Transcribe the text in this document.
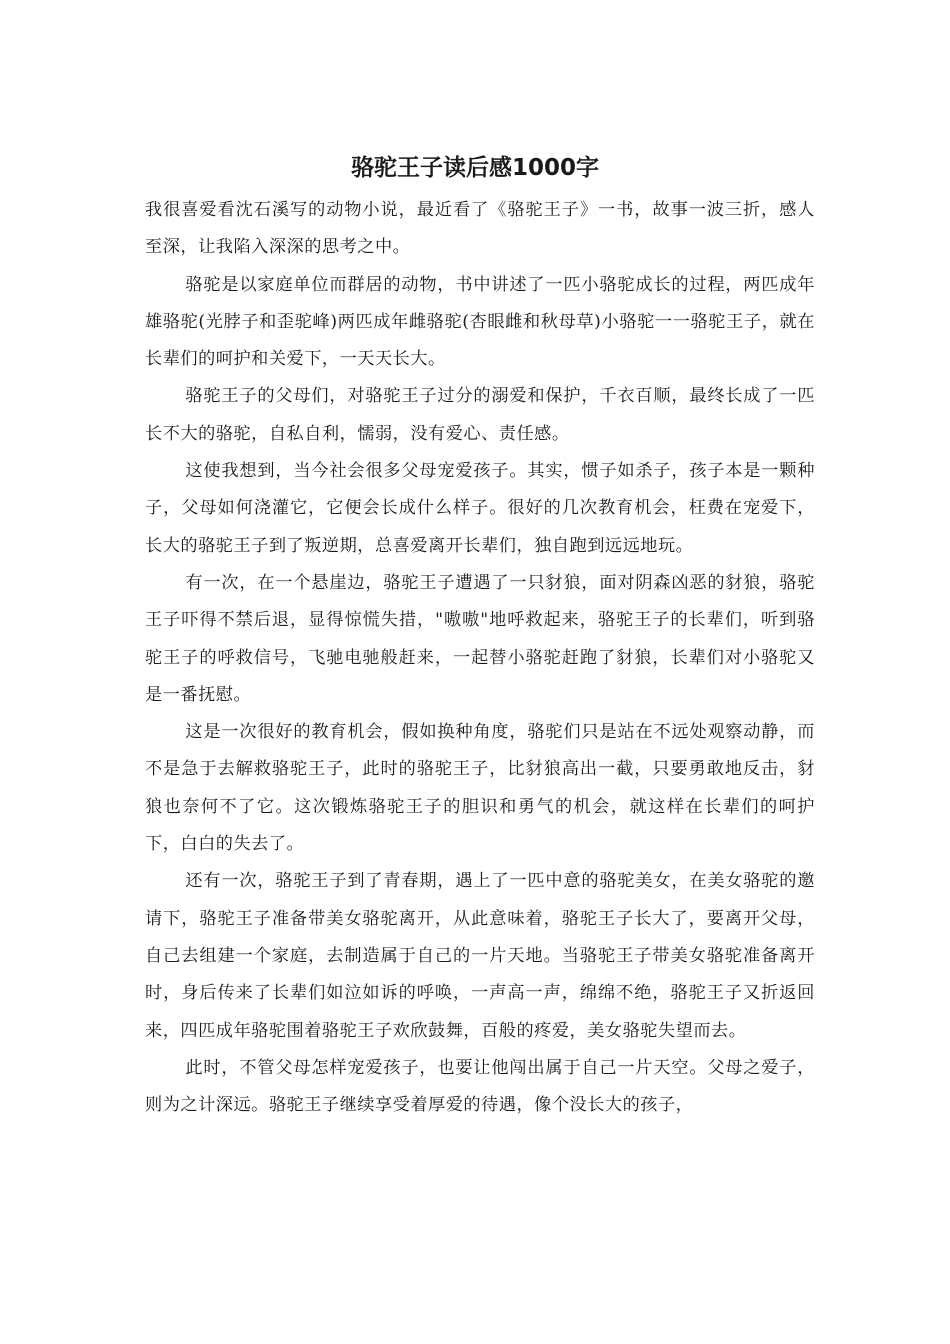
骆驼王子读后感1000字

我很喜爱看沈石溪写的动物小说，最近看了《骆驼王子》一书，故事一波三折，感人至深，让我陷入深深的思考之中。

骆驼是以家庭单位而群居的动物，书中讲述了一匹小骆驼成长的过程，两匹成年雄骆驼(光脖子和歪驼峰)两匹成年雌骆驼(杏眼雌和秋母草)小骆驼一一骆驼王子，就在长辈们的呵护和关爱下，一天天长大。

骆驼王子的父母们，对骆驼王子过分的溺爱和保护，千衣百顺，最终长成了一匹长不大的骆驼，自私自利，懦弱，没有爱心、责任感。

这使我想到，当今社会很多父母宠爱孩子。其实，惯子如杀子，孩子本是一颗种子，父母如何浇灌它，它便会长成什么样子。很好的几次教育机会，枉费在宠爱下，长大的骆驼王子到了叛逆期，总喜爱离开长辈们，独自跑到远远地玩。

有一次，在一个悬崖边，骆驼王子遭遇了一只豺狼，面对阴森凶恶的豺狼，骆驼王子吓得不禁后退，显得惊慌失措，"嗷嗷"地呼救起来，骆驼王子的长辈们，听到骆驼王子的呼救信号，飞驰电驰般赶来，一起替小骆驼赶跑了豺狼，长辈们对小骆驼又是一番抚慰。

这是一次很好的教育机会，假如换种角度，骆驼们只是站在不远处观察动静，而不是急于去解救骆驼王子，此时的骆驼王子，比豺狼高出一截，只要勇敢地反击，豺狼也奈何不了它。这次锻炼骆驼王子的胆识和勇气的机会，就这样在长辈们的呵护下，白白的失去了。

还有一次，骆驼王子到了青春期，遇上了一匹中意的骆驼美女，在美女骆驼的邀请下，骆驼王子准备带美女骆驼离开，从此意味着，骆驼王子长大了，要离开父母，自己去组建一个家庭，去制造属于自己的一片天地。当骆驼王子带美女骆驼准备离开时，身后传来了长辈们如泣如诉的呼唤，一声高一声，绵绵不绝，骆驼王子又折返回来，四匹成年骆驼围着骆驼王子欢欣鼓舞，百般的疼爱，美女骆驼失望而去。

此时，不管父母怎样宠爱孩子，也要让他闯出属于自己一片天空。父母之爱子，则为之计深远。骆驼王子继续享受着厚爱的待遇，像个没长大的孩子，
